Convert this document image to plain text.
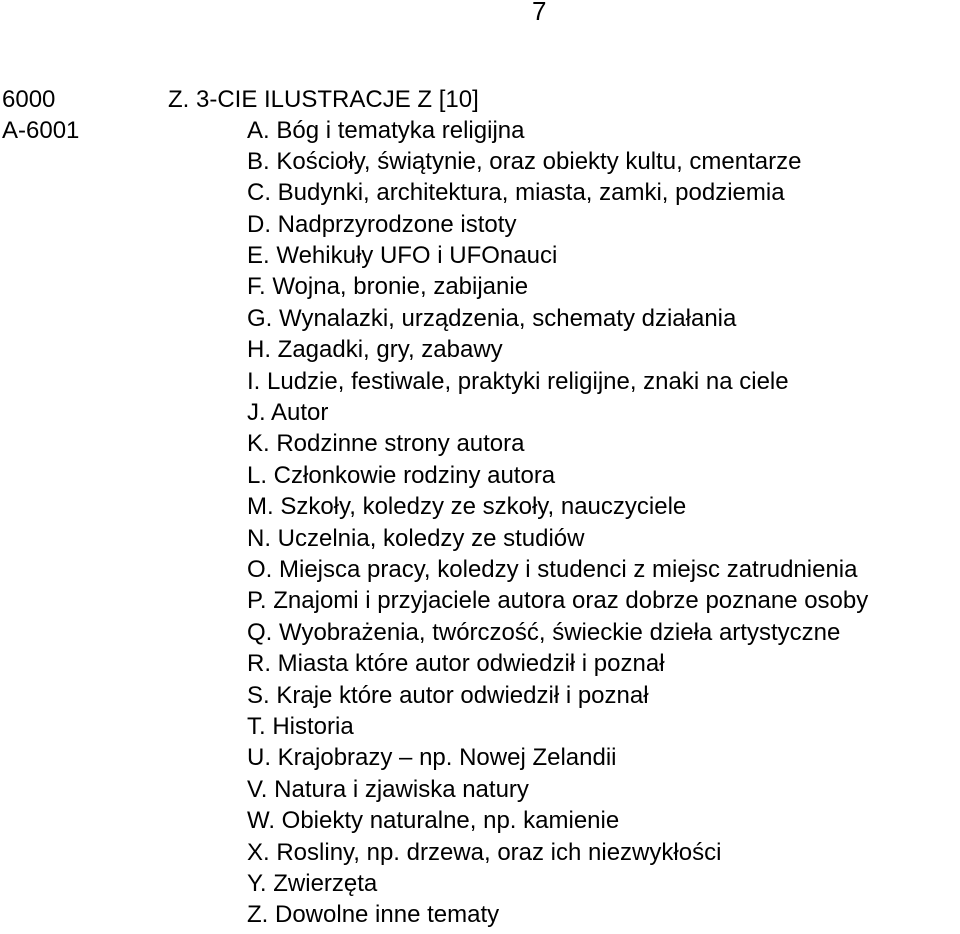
7
6000	Z. 3-CIE ILUSTRACJE Z [10]
A-6001	A. Bóg i tematyka religijna
B. Kościoły, świątynie, oraz obiekty kultu, cmentarze
C. Budynki, architektura, miasta, zamki, podziemia
D. Nadprzyrodzone istoty
E. Wehikuły UFO i UFOnauci
F. Wojna, bronie, zabijanie
G. Wynalazki, urządzenia, schematy działania
H. Zagadki, gry, zabawy
I. Ludzie, festiwale, praktyki religijne, znaki na ciele
J. Autor
K. Rodzinne strony autora
L. Członkowie rodziny autora
M. Szkoły, koledzy ze szkoły, nauczyciele
N. Uczelnia, koledzy ze studiów
O. Miejsca pracy, koledzy i studenci z miejsc zatrudnienia
P. Znajomi i przyjaciele autora oraz dobrze poznane osoby
Q. Wyobrażenia, twórczość, świeckie dzieła artystyczne
R. Miasta które autor odwiedził i poznał
S. Kraje które autor odwiedził i poznał
T. Historia
U. Krajobrazy – np. Nowej Zelandii
V. Natura i zjawiska natury
W. Obiekty naturalne, np. kamienie
X. Rosliny, np. drzewa, oraz ich niezwykłości
Y. Zwierzęta
Z. Dowolne inne tematy
